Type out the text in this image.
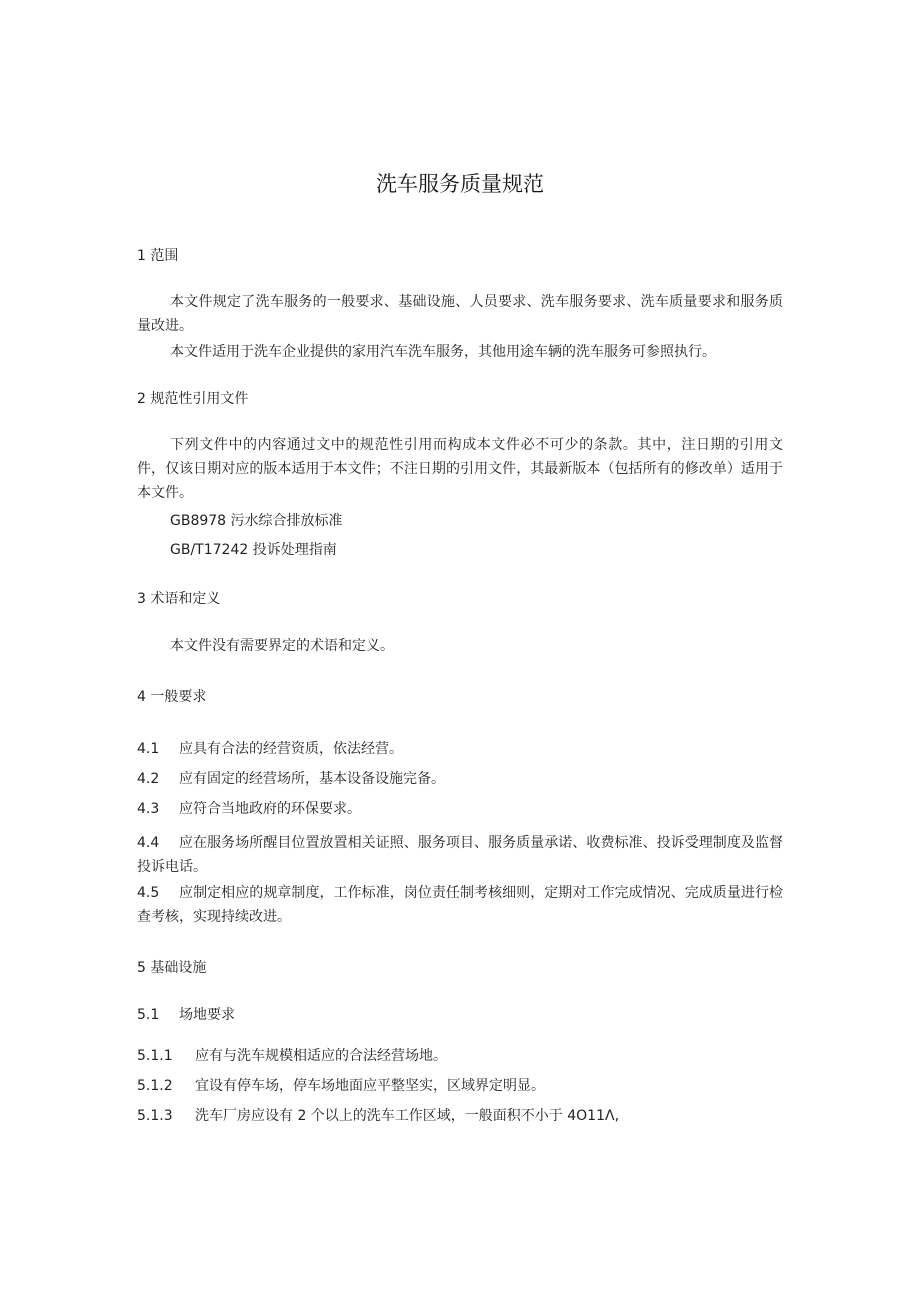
洗车服务质量规范
1 范围
本文件规定了洗车服务的一般要求、基础设施、人员要求、洗车服务要求、洗车质量要求和服务质量改进。
本文件适用于洗车企业提供的家用汽车洗车服务，其他用途车辆的洗车服务可参照执行。
2 规范性引用文件
下列文件中的内容通过文中的规范性引用而构成本文件必不可少的条款。其中，注日期的引用文件，仅该日期对应的版本适用于本文件；不注日期的引用文件，其最新版本（包括所有的修改单）适用于本文件。
GB8978 污水综合排放标准
GB/T17242 投诉处理指南
3 术语和定义
本文件没有需要界定的术语和定义。
4 一般要求
4.1 应具有合法的经营资质，依法经营。
4.2 应有固定的经营场所，基本设备设施完备。
4.3 应符合当地政府的环保要求。
4.4 应在服务场所醒目位置放置相关证照、服务项目、服务质量承诺、收费标准、投诉受理制度及监督投诉电话。
4.5 应制定相应的规章制度，工作标准，岗位责任制考核细则，定期对工作完成情况、完成质量进行检查考核，实现持续改进。
5 基础设施
5.1 场地要求
5.1.1 应有与洗车规模相适应的合法经营场地。
5.1.2 宜设有停车场，停车场地面应平整坚实，区域界定明显。
5.1.3 洗车厂房应设有 2 个以上的洗车工作区域，一般面积不小于 4O11Λ,
